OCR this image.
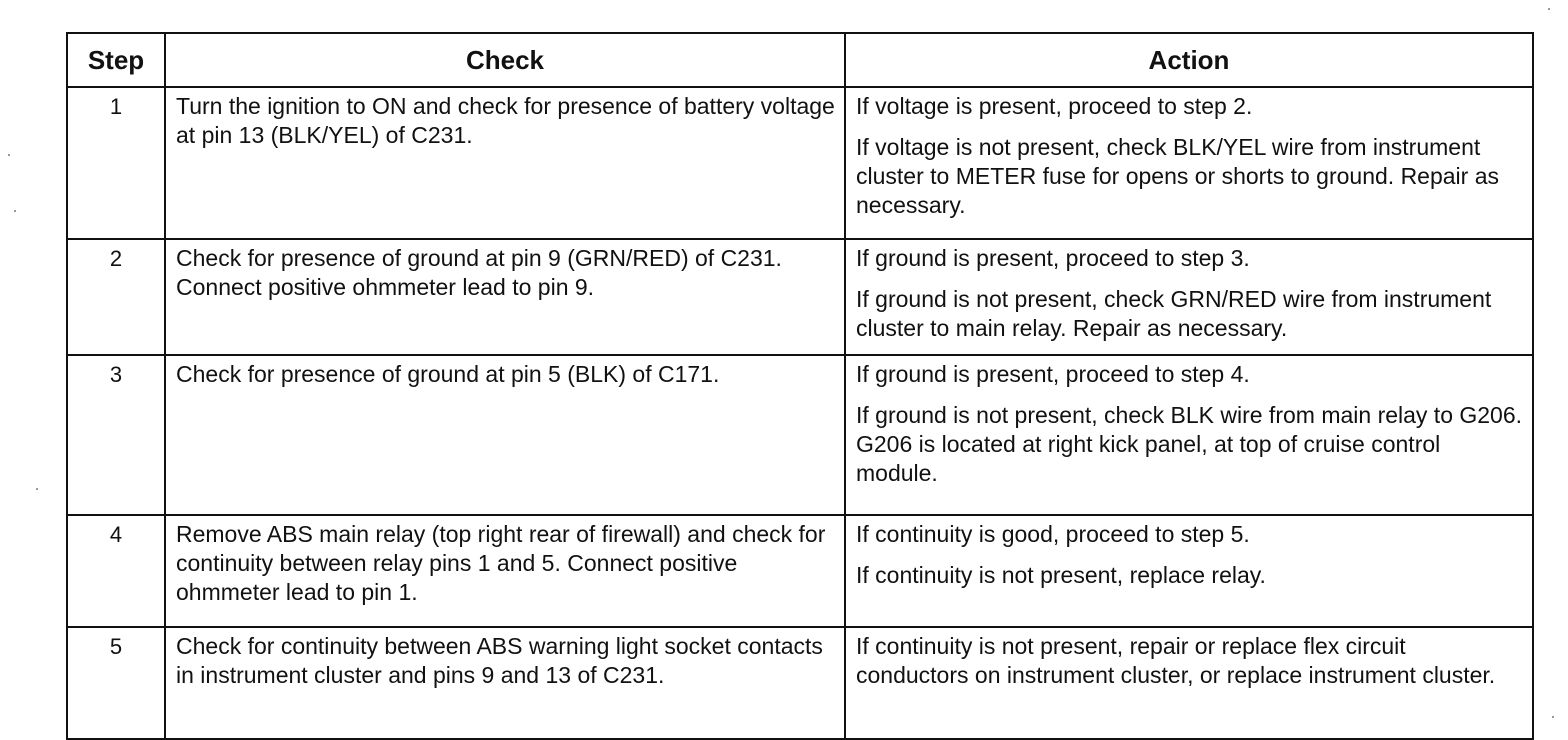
Step	Check	Action
1	Turn the ignition to ON and check for presence of battery voltage at pin 13 (BLK/YEL) of C231.	If voltage is present, proceed to step 2.

If voltage is not present, check BLK/YEL wire from instrument cluster to METER fuse for opens or shorts to ground. Repair as necessary.

2	Check for presence of ground at pin 9 (GRN/RED) of C231. Connect positive ohmmeter lead to pin 9.	If ground is present, proceed to step 3.

If ground is not present, check GRN/RED wire from instrument cluster to main relay. Repair as necessary.

3	Check for presence of ground at pin 5 (BLK) of C171.	If ground is present, proceed to step 4.

If ground is not present, check BLK wire from main relay to G206. G206 is located at right kick panel, at top of cruise control module.

4	Remove ABS main relay (top right rear of firewall) and check for continuity between relay pins 1 and 5. Connect positive ohmmeter lead to pin 1.	If continuity is good, proceed to step 5.

If continuity is not present, replace relay.

5	Check for continuity between ABS warning light socket contacts in instrument cluster and pins 9 and 13 of C231.	If continuity is not present, repair or replace flex circuit conductors on instrument cluster, or replace instrument cluster.
